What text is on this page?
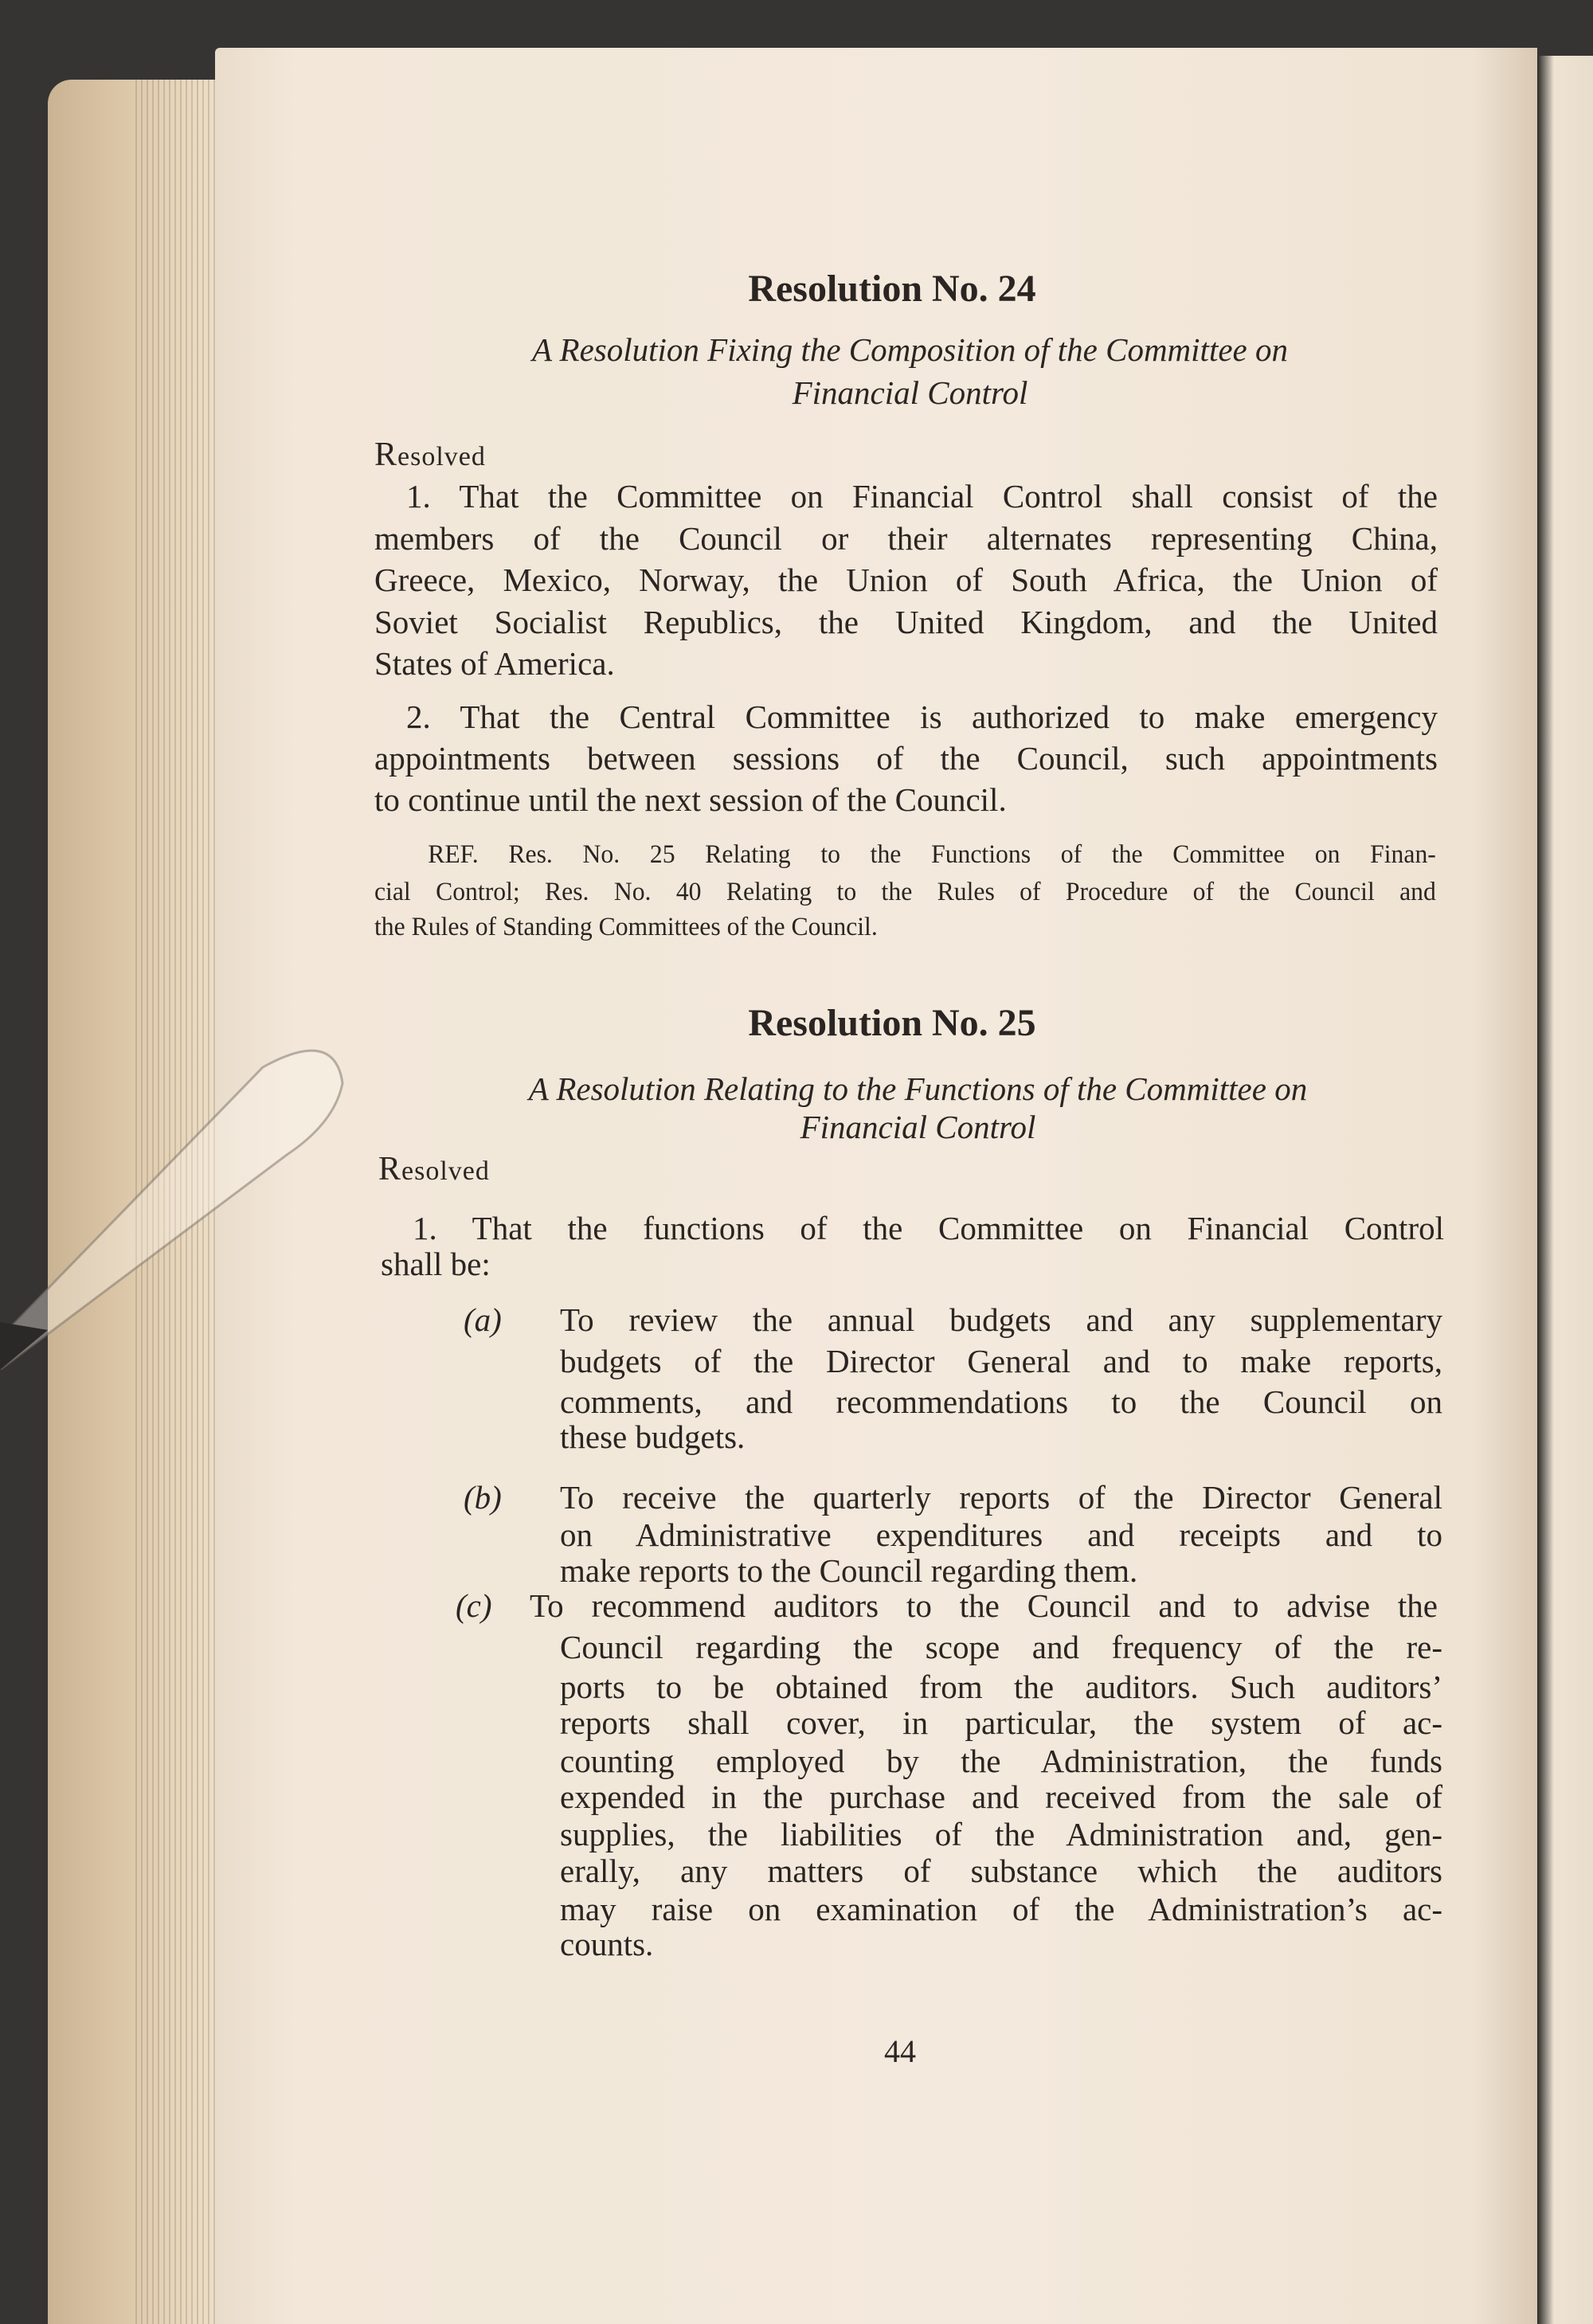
Resolution No. 24
A Resolution Fixing the Composition of the Committee on
Financial Control
Resolved
1. That the Committee on Financial Control shall consist of the
members of the Council or their alternates representing China,
Greece, Mexico, Norway, the Union of South Africa, the Union of
Soviet Socialist Republics, the United Kingdom, and the United
States of America.
2. That the Central Committee is authorized to make emergency
appointments between sessions of the Council, such appointments
to continue until the next session of the Council.
REF. Res. No. 25 Relating to the Functions of the Committee on Finan-
cial Control; Res. No. 40 Relating to the Rules of Procedure of the Council and
the Rules of Standing Committees of the Council.
Resolution No. 25
A Resolution Relating to the Functions of the Committee on
Financial Control
Resolved
1. That the functions of the Committee on Financial Control
shall be:
(a)	To review the annual budgets and any supplementary
budgets of the Director General and to make reports,
comments, and recommendations to the Council on
these budgets.
(b)	To receive the quarterly reports of the Director General
on Administrative expenditures and receipts and to
make reports to the Council regarding them.
(c)	To recommend auditors to the Council and to advise the
Council regarding the scope and frequency of the re-
ports to be obtained from the auditors. Such auditors’
reports shall cover, in particular, the system of ac-
counting employed by the Administration, the funds
expended in the purchase and received from the sale of
supplies, the liabilities of the Administration and, gen-
erally, any matters of substance which the auditors
may raise on examination of the Administration’s ac-
counts.
44
